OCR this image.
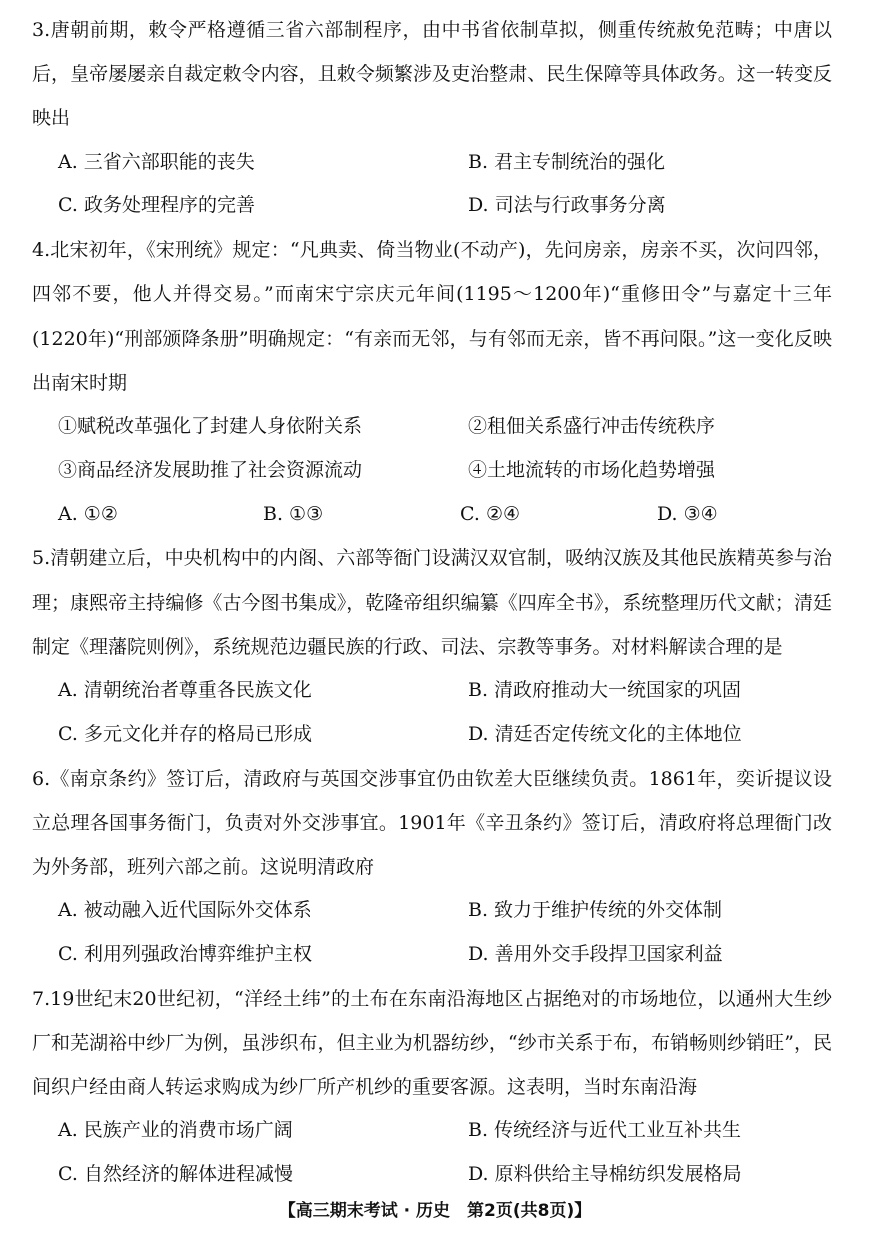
3.唐朝前期，敕令严格遵循三省六部制程序，由中书省依制草拟，侧重传统赦免范畴；中唐以后，皇帝屡屡亲自裁定敕令内容，且敕令频繁涉及吏治整肃、民生保障等具体政务。这一转变反映出

A. 三省六部职能的丧失	B. 君主专制统治的强化
C. 政务处理程序的完善	D. 司法与行政事务分离

4.北宋初年，《宋刑统》规定：“凡典卖、倚当物业(不动产)，先问房亲，房亲不买，次问四邻，四邻不要，他人并得交易。”而南宋宁宗庆元年间(1195～1200年)“重修田令”与嘉定十三年(1220年)“刑部颁降条册”明确规定：“有亲而无邻，与有邻而无亲，皆不再问限。”这一变化反映出南宋时期

①赋税改革强化了封建人身依附关系	②租佃关系盛行冲击传统秩序
③商品经济发展助推了社会资源流动	④土地流转的市场化趋势增强
A. ①②	B. ①③	C. ②④	D. ③④

5.清朝建立后，中央机构中的内阁、六部等衙门设满汉双官制，吸纳汉族及其他民族精英参与治理；康熙帝主持编修《古今图书集成》，乾隆帝组织编纂《四库全书》，系统整理历代文献；清廷制定《理藩院则例》，系统规范边疆民族的行政、司法、宗教等事务。对材料解读合理的是

A. 清朝统治者尊重各民族文化	B. 清政府推动大一统国家的巩固
C. 多元文化并存的格局已形成	D. 清廷否定传统文化的主体地位

6.《南京条约》签订后，清政府与英国交涉事宜仍由钦差大臣继续负责。1861年，奕䜣提议设立总理各国事务衙门，负责对外交涉事宜。1901年《辛丑条约》签订后，清政府将总理衙门改为外务部，班列六部之前。这说明清政府

A. 被动融入近代国际外交体系	B. 致力于维护传统的外交体制
C. 利用列强政治博弈维护主权	D. 善用外交手段捍卫国家利益

7.19世纪末20世纪初，“洋经土纬”的土布在东南沿海地区占据绝对的市场地位，以通州大生纱厂和芜湖裕中纱厂为例，虽涉织布，但主业为机器纺纱，“纱市关系于布，布销畅则纱销旺”，民间织户经由商人转运求购成为纱厂所产机纱的重要客源。这表明，当时东南沿海

A. 民族产业的消费市场广阔	B. 传统经济与近代工业互补共生
C. 自然经济的解体进程减慢	D. 原料供给主导棉纺织发展格局
【高三期末考试 · 历史　第2页(共8页)】
